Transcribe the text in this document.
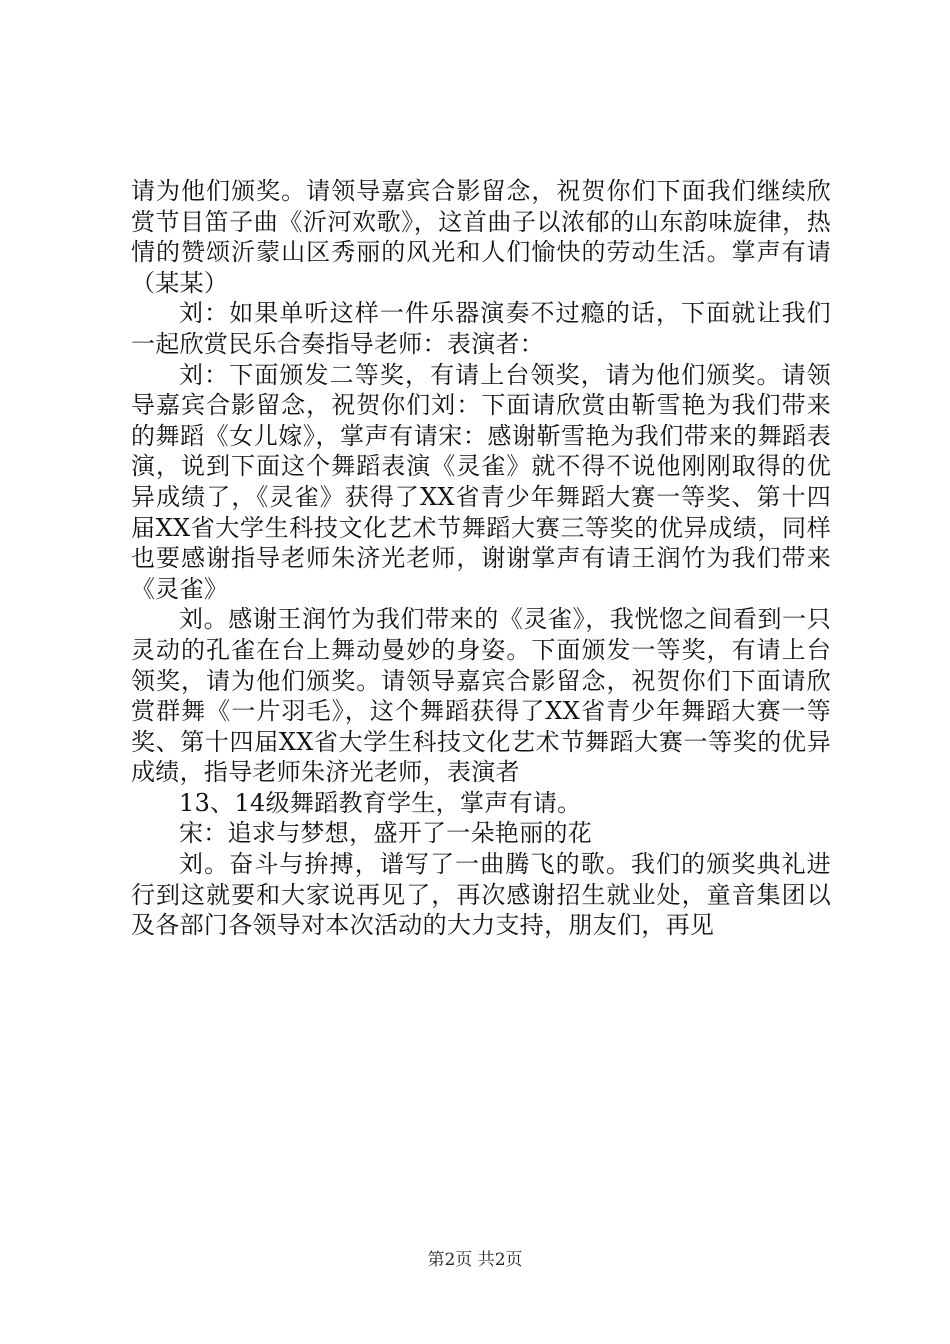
请为他们颁奖。请领导嘉宾合影留念，祝贺你们下面我们继续欣赏节目笛子曲《沂河欢歌》，这首曲子以浓郁的山东韵味旋律，热情的赞颂沂蒙山区秀丽的风光和人们愉快的劳动生活。掌声有请（某某）

刘：如果单听这样一件乐器演奏不过瘾的话，下面就让我们一起欣赏民乐合奏指导老师：表演者：

刘：下面颁发二等奖，有请上台领奖，请为他们颁奖。请领导嘉宾合影留念，祝贺你们刘：下面请欣赏由靳雪艳为我们带来的舞蹈《女儿嫁》，掌声有请宋：感谢靳雪艳为我们带来的舞蹈表演，说到下面这个舞蹈表演《灵雀》就不得不说他刚刚取得的优异成绩了，《灵雀》获得了XX省青少年舞蹈大赛一等奖、第十四届XX省大学生科技文化艺术节舞蹈大赛三等奖的优异成绩，同样也要感谢指导老师朱济光老师，谢谢掌声有请王润竹为我们带来《灵雀》

刘。感谢王润竹为我们带来的《灵雀》，我恍惚之间看到一只灵动的孔雀在台上舞动曼妙的身姿。下面颁发一等奖，有请上台领奖，请为他们颁奖。请领导嘉宾合影留念，祝贺你们下面请欣赏群舞《一片羽毛》，这个舞蹈获得了XX省青少年舞蹈大赛一等奖、第十四届XX省大学生科技文化艺术节舞蹈大赛一等奖的优异成绩，指导老师朱济光老师，表演者

13、14级舞蹈教育学生，掌声有请。

宋：追求与梦想，盛开了一朵艳丽的花

刘。奋斗与拚搏，谱写了一曲腾飞的歌。我们的颁奖典礼进行到这就要和大家说再见了，再次感谢招生就业处，童音集团以及各部门各领导对本次活动的大力支持，朋友们，再见

第2页 共2页
